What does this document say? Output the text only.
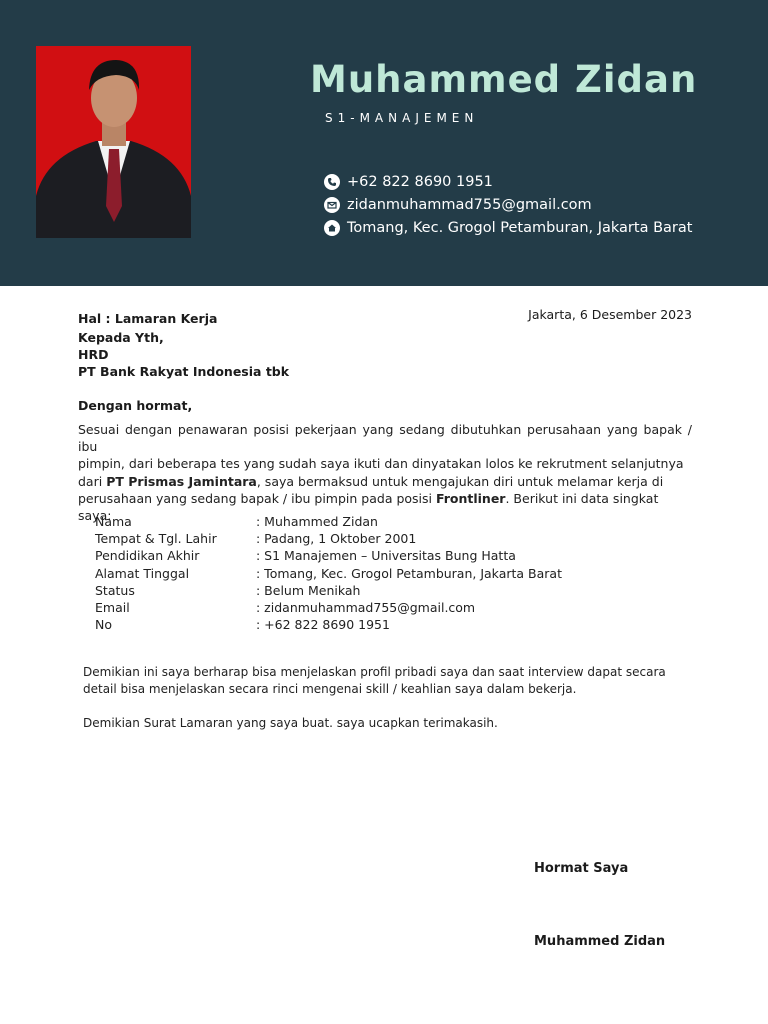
Muhammed Zidan
S1-MANAJEMEN
+62 822 8690 1951
zidanmuhammad755@gmail.com
Tomang, Kec. Grogol Petamburan, Jakarta Barat
Hal : Lamaran Kerja	Jakarta, 6 Desember 2023
Kepada Yth,
HRD
PT Bank Rakyat Indonesia tbk
Dengan hormat,

Sesuai dengan penawaran posisi pekerjaan yang sedang dibutuhkan perusahaan yang bapak / ibu

pimpin, dari beberapa tes yang sudah saya ikuti dan dinyatakan lolos ke rekrutment selanjutnya

dari PT Prismas Jamintara, saya bermaksud untuk mengajukan diri untuk melamar kerja di

perusahaan yang sedang bapak / ibu pimpin pada posisi Frontliner. Berikut ini data singkat saya:

Nama	: Muhammed Zidan
Tempat & Tgl. Lahir	: Padang, 1 Oktober 2001
Pendidikan Akhir	: S1 Manajemen – Universitas Bung Hatta
Alamat Tinggal	: Tomang, Kec. Grogol Petamburan, Jakarta Barat
Status	: Belum Menikah
Email	: zidanmuhammad755@gmail.com
No	: +62 822 8690 1951
Demikian ini saya berharap bisa menjelaskan profil pribadi saya dan saat interview dapat secara
detail bisa menjelaskan secara rinci mengenai skill / keahlian saya dalam bekerja.
Demikian Surat Lamaran yang saya buat. saya ucapkan terimakasih.
Hormat Saya
Muhammed Zidan
